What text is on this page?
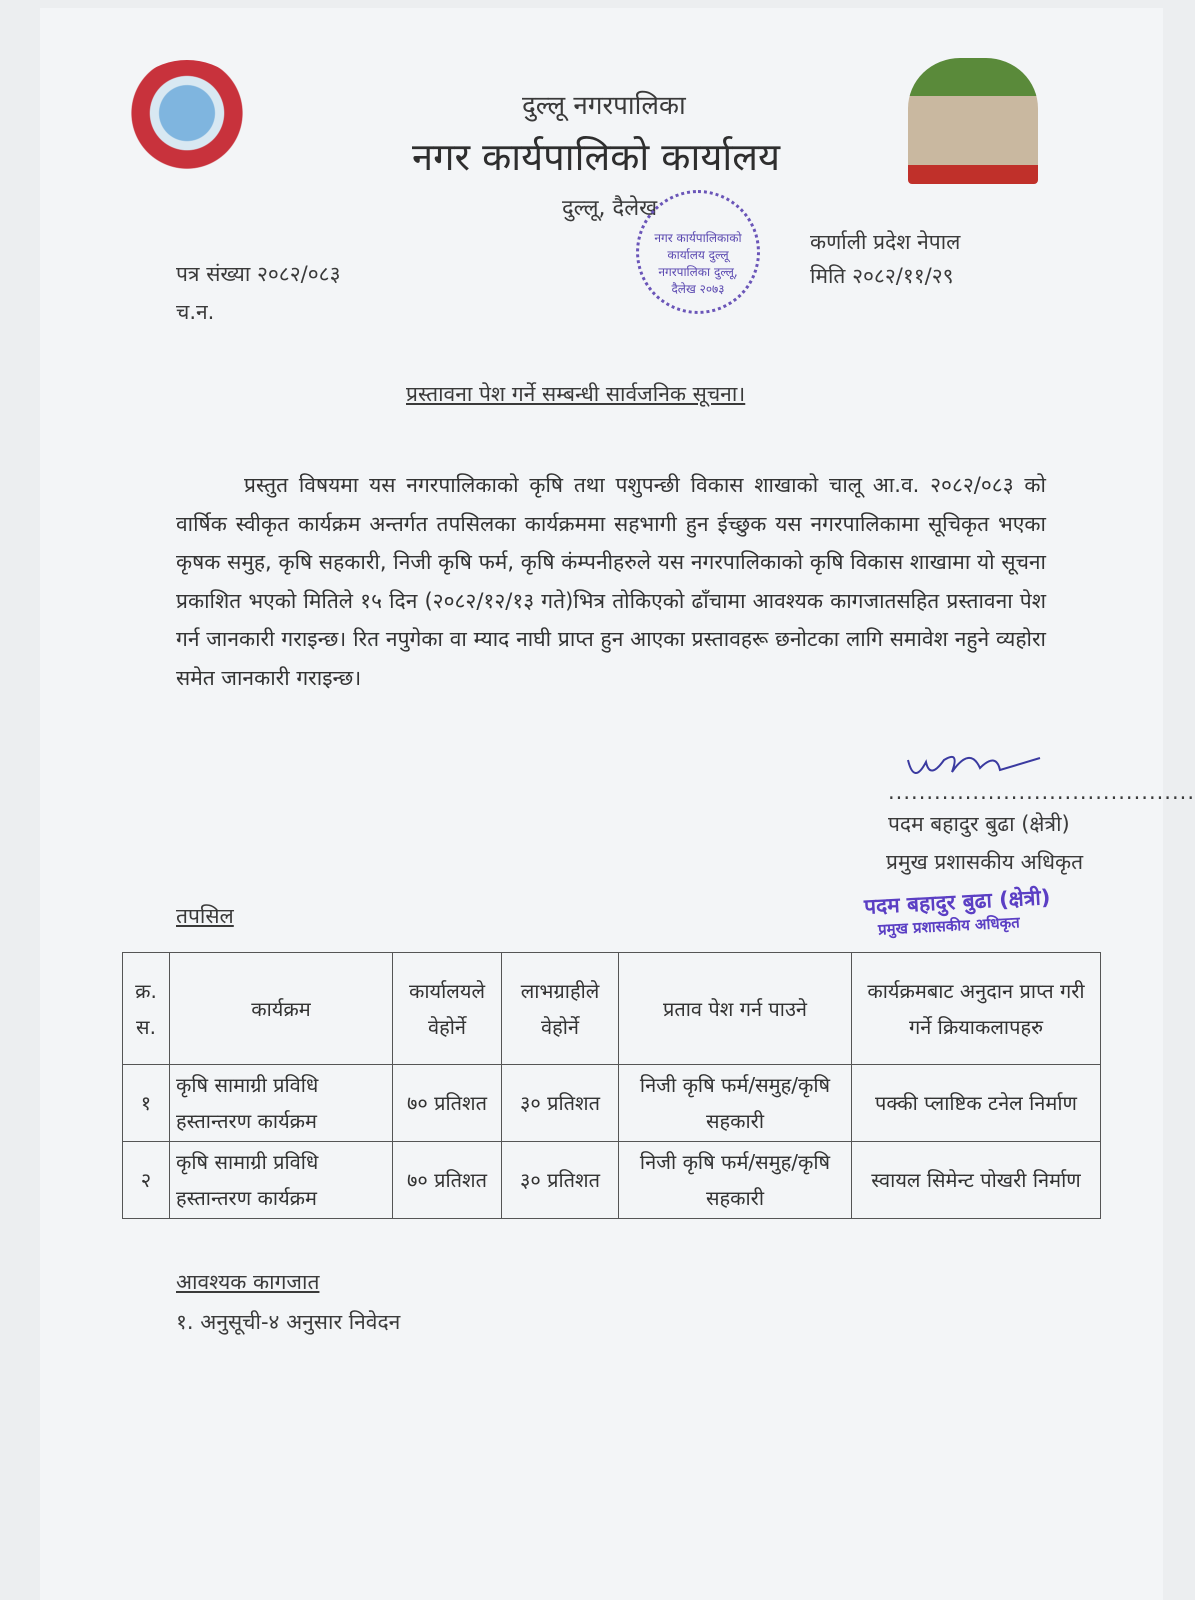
दुल्लू नगरपालिका
नगर कार्यपालिको कार्यालय
दुल्लू, दैलेख
कर्णाली प्रदेश नेपाल
पत्र संख्या २०८२/०८३	मिति २०८२/११/२९
च.न.
नगर कार्यपालिकाको कार्यालय दुल्लू नगरपालिका दुल्लू, दैलेख २०७३
प्रस्तावना पेश गर्ने सम्बन्धी सार्वजनिक सूचना।
प्रस्तुत विषयमा यस नगरपालिकाको कृषि तथा पशुपन्छी विकास शाखाको चालू आ.व. २०८२/०८३ को वार्षिक स्वीकृत कार्यक्रम अन्तर्गत तपसिलका कार्यक्रममा सहभागी हुन ईच्छुक यस नगरपालिकामा सूचिकृत भएका कृषक समुह, कृषि सहकारी, निजी कृषि फर्म, कृषि कंम्पनीहरुले यस नगरपालिकाको कृषि विकास शाखामा यो सूचना प्रकाशित भएको मितिले १५ दिन (२०८२/१२/१३ गते)भित्र तोकिएको ढाँचामा आवश्यक कागजातसहित प्रस्तावना पेश गर्न जानकारी गराइन्छ। रित नपुगेका वा म्याद नाघी प्राप्त हुन आएका प्रस्तावहरू छनोटका लागि समावेश नहुने व्यहोरा समेत जानकारी गराइन्छ।
........................................
पदम बहादुर बुढा (क्षेत्री)
प्रमुख प्रशासकीय अधिकृत
पदम बहादुर बुढा (क्षेत्री)
प्रमुख प्रशासकीय अधिकृत
तपसिल
क्र. स.	कार्यक्रम	कार्यालयले वेहोर्ने	लाभग्राहीले वेहोर्ने	प्रताव पेश गर्न पाउने	कार्यक्रमबाट अनुदान प्राप्त गरी गर्ने क्रियाकलापहरु
१	कृषि सामाग्री प्रविधि हस्तान्तरण कार्यक्रम	७० प्रतिशत	३० प्रतिशत	निजी कृषि फर्म/समुह/कृषि सहकारी	पक्की प्लाष्टिक टनेल निर्माण
२	कृषि सामाग्री प्रविधि हस्तान्तरण कार्यक्रम	७० प्रतिशत	३० प्रतिशत	निजी कृषि फर्म/समुह/कृषि सहकारी	स्वायल सिमेन्ट पोखरी निर्माण
आवश्यक कागजात
१. अनुसूची-४ अनुसार निवेदन
